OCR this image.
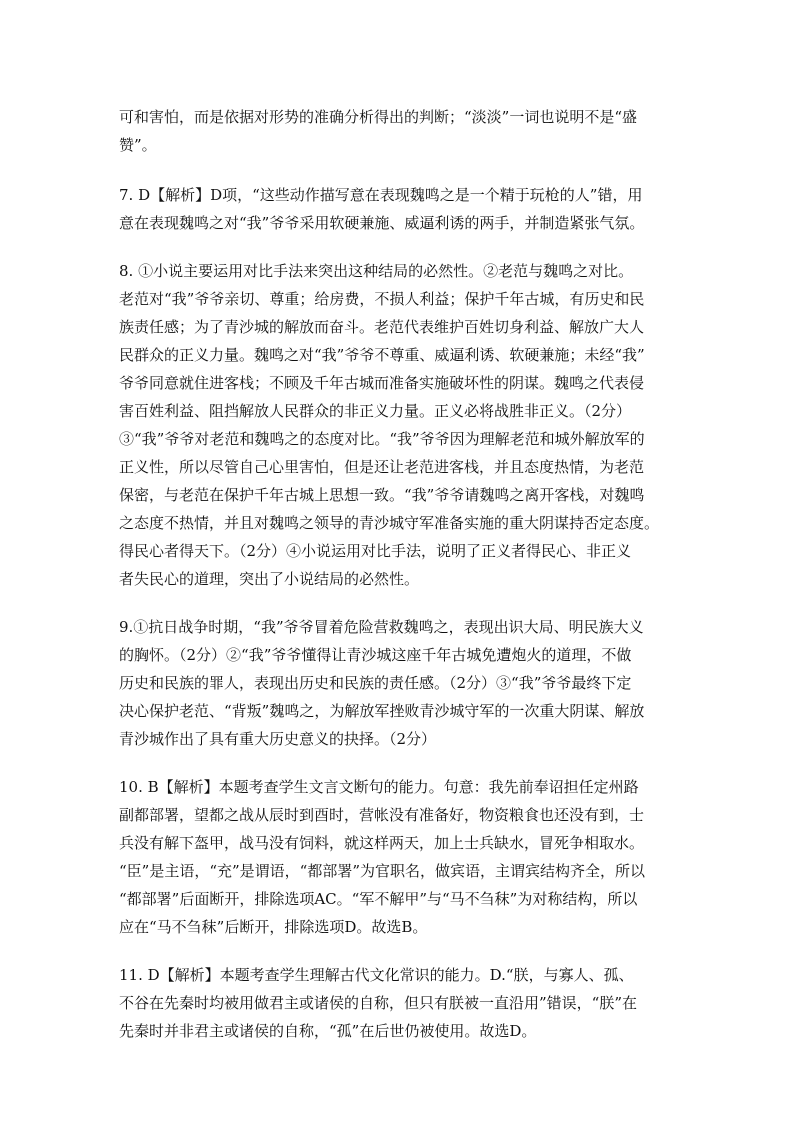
可和害怕，而是依据对形势的准确分析得出的判断；“淡淡”一词也说明不是“盛
赞”。
7. D【解析】D项，“这些动作描写意在表现魏鸣之是一个精于玩枪的人”错，用
意在表现魏鸣之对“我”爷爷采用软硬兼施、威逼利诱的两手，并制造紧张气氛。
8. ①小说主要运用对比手法来突出这种结局的必然性。②老范与魏鸣之对比。
老范对“我”爷爷亲切、尊重；给房费，不损人利益；保护千年古城，有历史和民
族责任感；为了青沙城的解放而奋斗。老范代表维护百姓切身利益、解放广大人
民群众的正义力量。魏鸣之对“我”爷爷不尊重、威逼利诱、软硬兼施；未经“我”
爷爷同意就住进客栈；不顾及千年古城而准备实施破坏性的阴谋。魏鸣之代表侵
害百姓利益、阻挡解放人民群众的非正义力量。正义必将战胜非正义。（2分）
③“我”爷爷对老范和魏鸣之的态度对比。“我”爷爷因为理解老范和城外解放军的
正义性，所以尽管自己心里害怕，但是还让老范进客栈，并且态度热情，为老范
保密，与老范在保护千年古城上思想一致。“我”爷爷请魏鸣之离开客栈，对魏鸣
之态度不热情，并且对魏鸣之领导的青沙城守军准备实施的重大阴谋持否定态度。
得民心者得天下。（2分）④小说运用对比手法，说明了正义者得民心、非正义
者失民心的道理，突出了小说结局的必然性。
9.①抗日战争时期，“我”爷爷冒着危险营救魏鸣之，表现出识大局、明民族大义
的胸怀。（2分）②“我”爷爷懂得让青沙城这座千年古城免遭炮火的道理，不做
历史和民族的罪人，表现出历史和民族的责任感。（2分）③“我”爷爷最终下定
决心保护老范、“背叛”魏鸣之，为解放军挫败青沙城守军的一次重大阴谋、解放
青沙城作出了具有重大历史意义的抉择。（2分）
10. B【解析】本题考查学生文言文断句的能力。句意：我先前奉诏担任定州路
副都部署，望都之战从辰时到酉时，营帐没有准备好，物资粮食也还没有到，士
兵没有解下盔甲，战马没有饲料，就这样两天，加上士兵缺水，冒死争相取水。
“臣”是主语，“充”是谓语，“都部署”为官职名，做宾语，主谓宾结构齐全，所以
“都部署”后面断开，排除选项AC。“军不解甲”与“马不刍秣”为对称结构，所以
应在“马不刍秣”后断开，排除选项D。故选B。
11. D【解析】本题考查学生理解古代文化常识的能力。D.“朕，与寡人、孤、
不谷在先秦时均被用做君主或诸侯的自称，但只有朕被一直沿用”错误，“朕”在
先秦时并非君主或诸侯的自称，“孤”在后世仍被使用。故选D。
